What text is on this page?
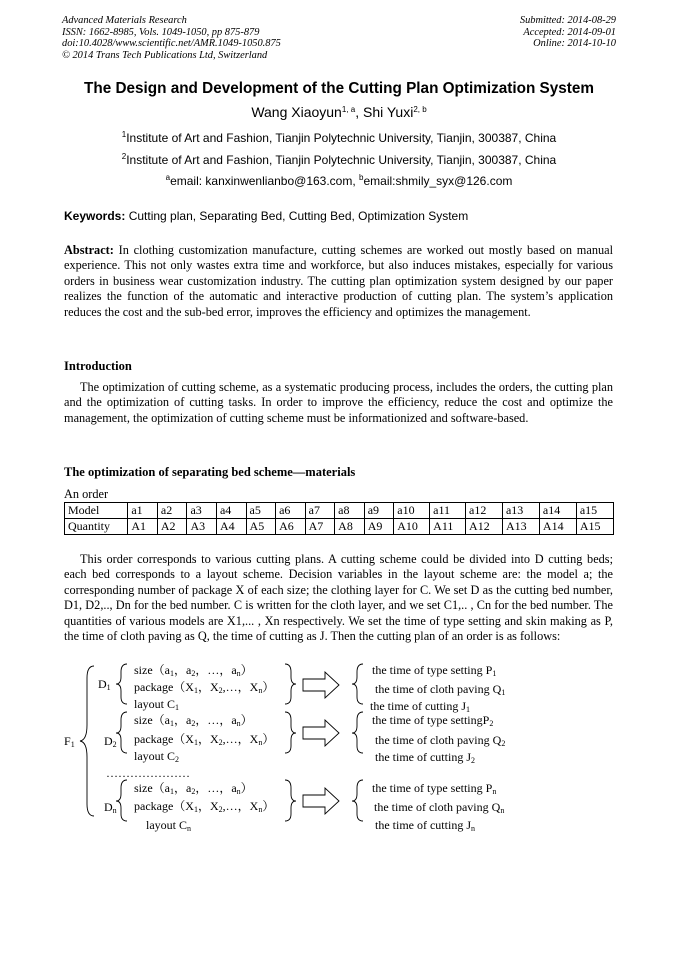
Advanced Materials Research
ISSN: 1662-8985, Vols. 1049-1050, pp 875-879
doi:10.4028/www.scientific.net/AMR.1049-1050.875
© 2014 Trans Tech Publications Ltd, Switzerland
Submitted: 2014-08-29
Accepted: 2014-09-01
Online: 2014-10-10
The Design and Development of the Cutting Plan Optimization System
Wang Xiaoyun$^{1, a}$, Shi Yuxi$^{2, b}$
$^1$Institute of Art and Fashion, Tianjin Polytechnic University, Tianjin, 300387, China
$^2$Institute of Art and Fashion, Tianjin Polytechnic University, Tianjin, 300387, China
$^a$email: kanxinwenlianbo@163.com, $^b$email:shmily_syx@126.com
Keywords: Cutting plan, Separating Bed, Cutting Bed, Optimization System
Abstract: In clothing customization manufacture, cutting schemes are worked out mostly based on manual experience. This not only wastes extra time and workforce, but also induces mistakes, especially for various orders in business wear customization industry. The cutting plan optimization system designed by our paper realizes the function of the automatic and interactive production of cutting plan. The system’s application reduces the cost and the sub-bed error, improves the efficiency and optimizes the management.
Introduction
The optimization of cutting scheme, as a systematic producing process, includes the orders, the cutting plan and the optimization of cutting tasks. In order to improve the efficiency, reduce the cost and optimize the management, the optimization of cutting scheme must be informationized and software-based.
The optimization of separating bed scheme—materials
An order
Model	a1	a2	a3	a4	a5	a6	a7	a8	a9	a10	a11	a12	a13	a14	a15
Quantity	A1	A2	A3	A4	A5	A6	A7	A8	A9	A10	A11	A12	A13	A14	A15
This order corresponds to various cutting plans. A cutting scheme could be divided into D cutting beds; each bed corresponds to a layout scheme. Decision variables in the layout scheme are: the model a; the corresponding number of package X of each size; the clothing layer for C. We set D as the cutting bed number, D1, D2,.., Dn for the bed number. C is written for the cloth layer, and we set C1,.. , Cn for the bed number. The quantities of various models are X1,... , Xn respectively. We set the time of type setting and skin making as P, the time of cloth paving as Q, the time of cutting as J. Then the cutting plan of an order is as follows:
$F_1$
$D_1$
$D_2$
$D_n$
$size(a_1$，$a_2$，…，$a_n$）
$package(X_1$，$X_2,\dots$，$X_n$）
layout $C_1$
$size(a_1$，$a_2$，…，$a_n$）
$package(X_1$，$X_2,\dots$，$X_n$）
layout $C_2$
…………………
$size(a_1$，$a_2$，…，$a_n$）
$package(X_1$，$X_2,\dots$，$X_n$）
layout $C_n$
the time of type setting $P_1$
the time of cloth paving $Q_1$
the time of cutting $J_1$
the time of type settingP$_2$
the time of cloth paving $Q_2$
the time of cutting $J_2$
the time of type setting $P_n$
the time of cloth paving $Q_n$
the time of cutting $J_n$
